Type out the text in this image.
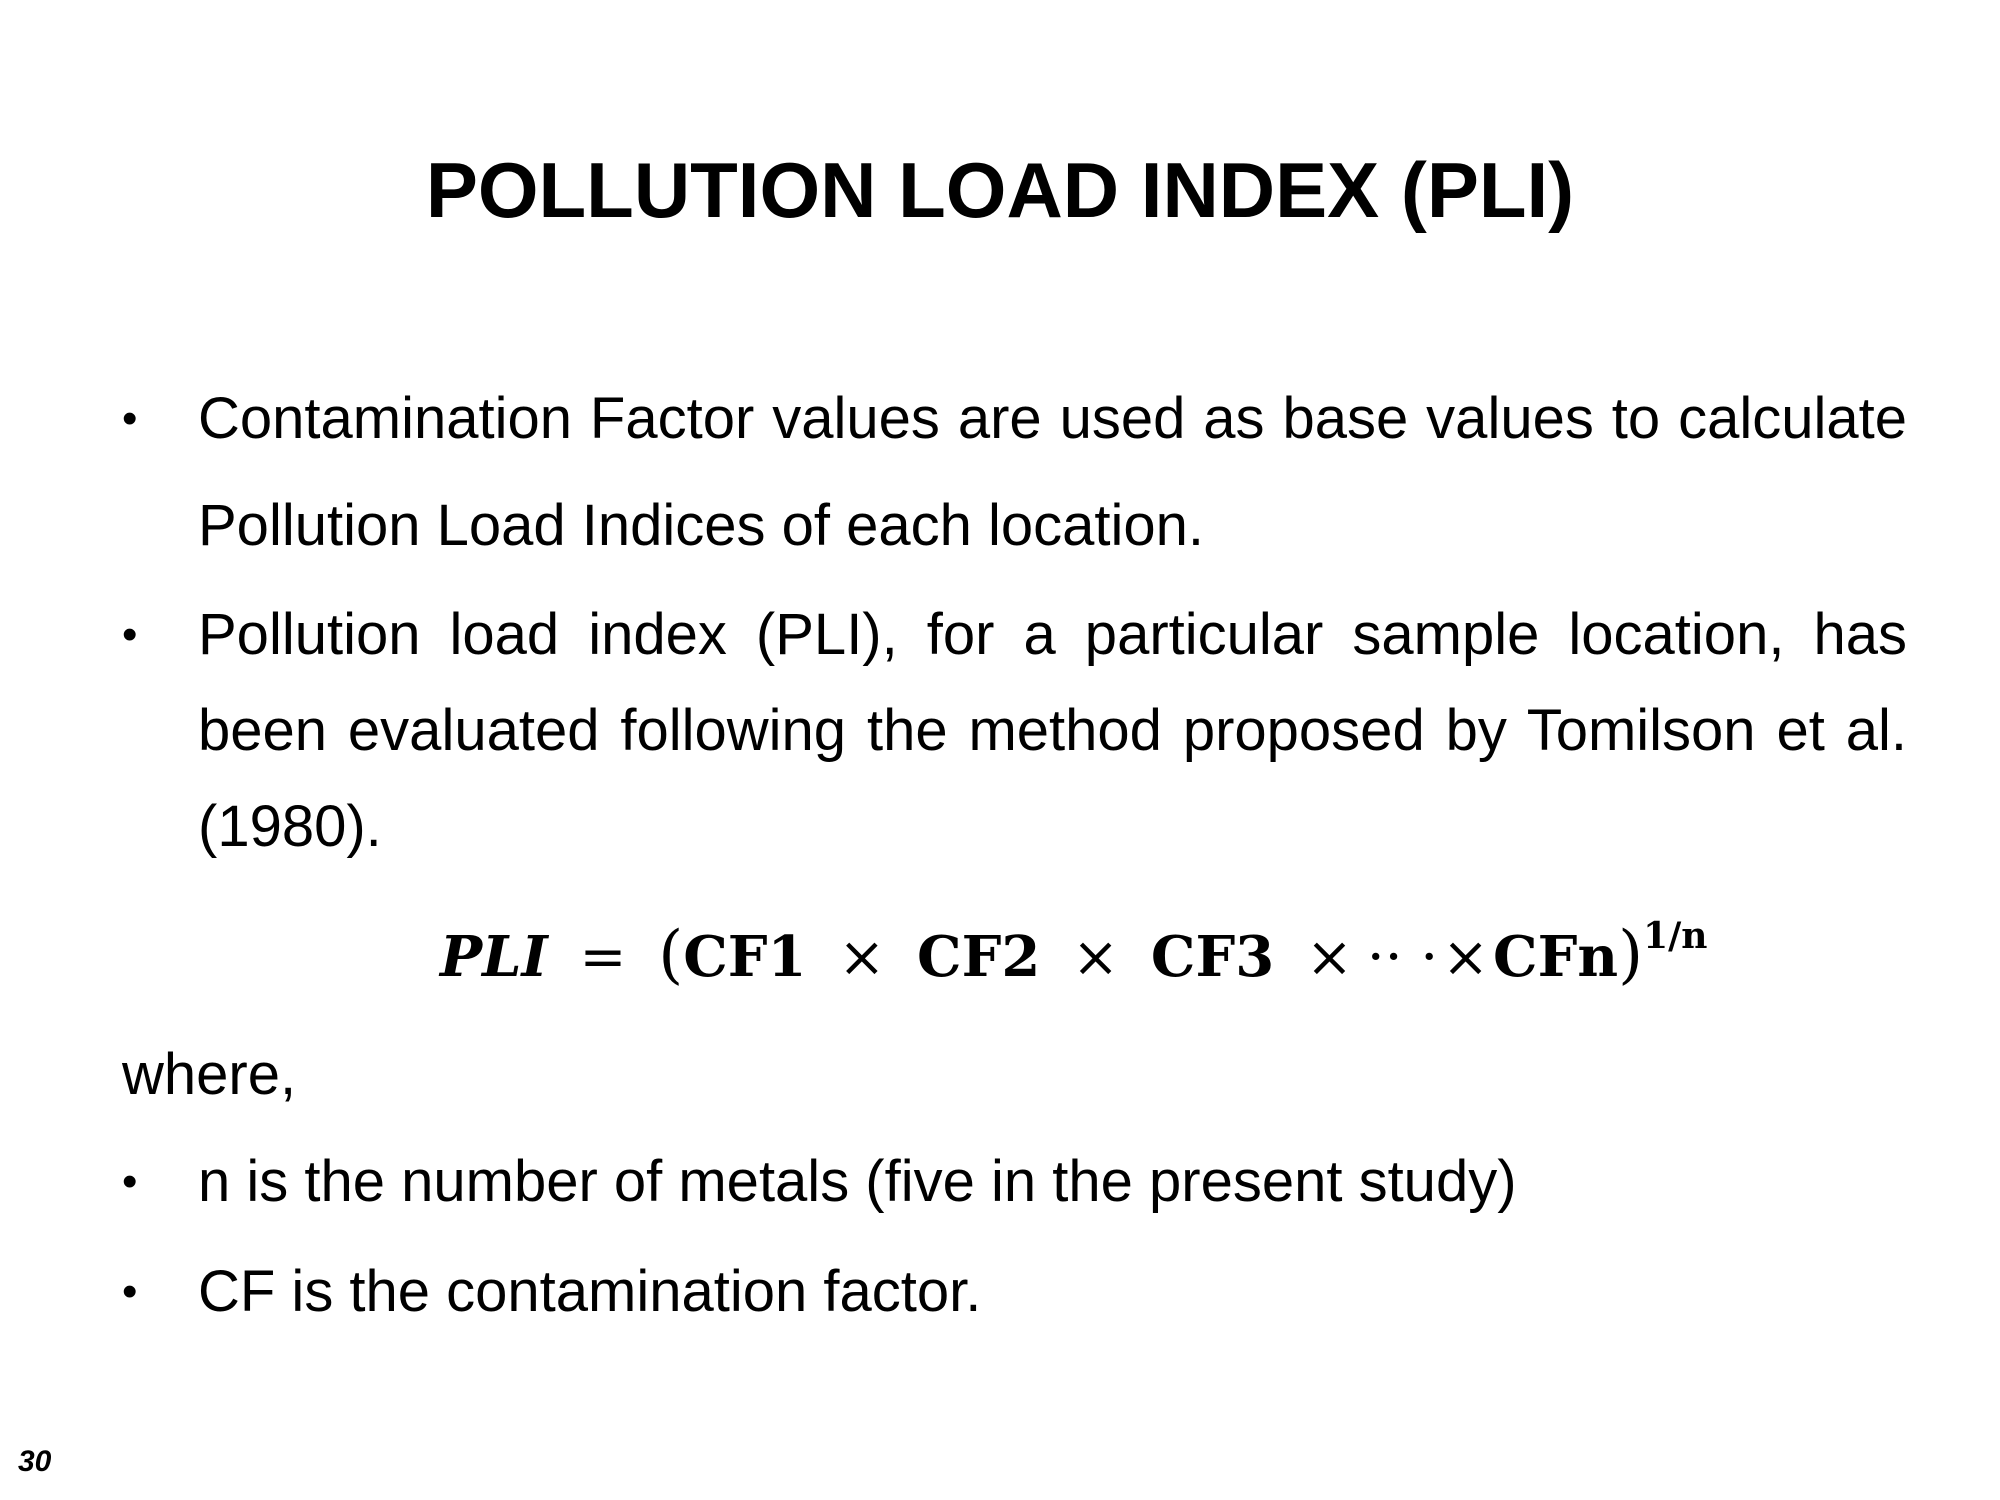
POLLUTION LOAD INDEX (PLI)
• Contamination Factor values are used as base values to calculate Pollution Load Indices of each location.
• Pollution load index (PLI), for a particular sample location, has been evaluated following the method proposed by Tomilson et al. (1980).
PLI = (CF1 × CF2 × CF3 × ·· ·×CFn)$^{1/n}$
where,
• n is the number of metals (five in the present study)
• CF is the contamination factor.
30
